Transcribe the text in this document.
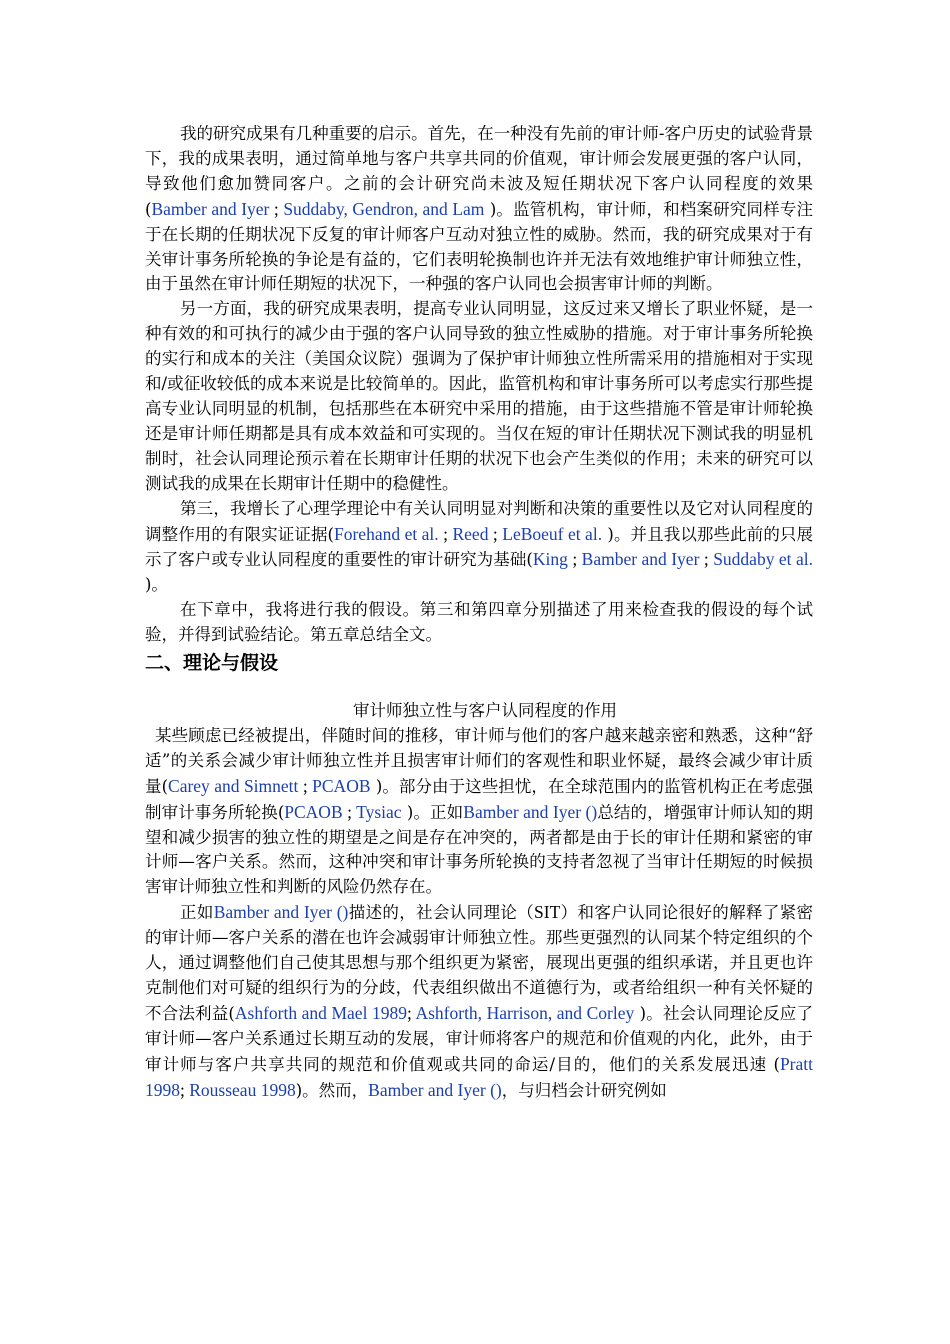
我的研究成果有几种重要的启示。首先，在一种没有先前的审计师-客户历史的试验背景下，我的成果表明，通过简单地与客户共享共同的价值观，审计师会发展更强的客户认同，导致他们愈加赞同客户。之前的会计研究尚未波及短任期状况下客户认同程度的效果(Bamber and Iyer ; Suddaby, Gendron, and Lam )。监管机构，审计师，和档案研究同样专注于在长期的任期状况下反复的审计师客户互动对独立性的威胁。然而，我的研究成果对于有关审计事务所轮换的争论是有益的，它们表明轮换制也许并无法有效地维护审计师独立性，由于虽然在审计师任期短的状况下，一种强的客户认同也会损害审计师的判断。

另一方面，我的研究成果表明，提高专业认同明显，这反过来又增长了职业怀疑，是一种有效的和可执行的减少由于强的客户认同导致的独立性威胁的措施。对于审计事务所轮换的实行和成本的关注（美国众议院）强调为了保护审计师独立性所需采用的措施相对于实现和/或征收较低的成本来说是比较简单的。因此，监管机构和审计事务所可以考虑实行那些提高专业认同明显的机制，包括那些在本研究中采用的措施，由于这些措施不管是审计师轮换还是审计师任期都是具有成本效益和可实现的。当仅在短的审计任期状况下测试我的明显机制时，社会认同理论预示着在长期审计任期的状况下也会产生类似的作用；未来的研究可以测试我的成果在长期审计任期中的稳健性。

第三，我增长了心理学理论中有关认同明显对判断和决策的重要性以及它对认同程度的调整作用的有限实证证据(Forehand et al. ; Reed ; LeBoeuf et al. )。并且我以那些此前的只展示了客户或专业认同程度的重要性的审计研究为基础(King ; Bamber and Iyer ; Suddaby et al. )。

在下章中，我将进行我的假设。第三和第四章分别描述了用来检查我的假设的每个试验，并得到试验结论。第五章总结全文。

二、理论与假设

审计师独立性与客户认同程度的作用

某些顾虑已经被提出，伴随时间的推移，审计师与他们的客户越来越亲密和熟悉，这种“舒适”的关系会减少审计师独立性并且损害审计师们的客观性和职业怀疑，最终会减少审计质量(Carey and Simnett ; PCAOB )。部分由于这些担忧，在全球范围内的监管机构正在考虑强制审计事务所轮换(PCAOB ; Tysiac )。正如Bamber and Iyer ()总结的，增强审计师认知的期望和减少损害的独立性的期望是之间是存在冲突的，两者都是由于长的审计任期和紧密的审计师—客户关系。然而，这种冲突和审计事务所轮换的支持者忽视了当审计任期短的时候损害审计师独立性和判断的风险仍然存在。

正如Bamber and Iyer ()描述的，社会认同理论（SIT）和客户认同论很好的解释了紧密的审计师—客户关系的潜在也许会减弱审计师独立性。那些更强烈的认同某个特定组织的个人，通过调整他们自己使其思想与那个组织更为紧密，展现出更强的组织承诺，并且更也许克制他们对可疑的组织行为的分歧，代表组织做出不道德行为，或者给组织一种有关怀疑的不合法利益(Ashforth and Mael 1989; Ashforth, Harrison, and Corley )。社会认同理论反应了审计师—客户关系通过长期互动的发展，审计师将客户的规范和价值观的内化，此外，由于审计师与客户共享共同的规范和价值观或共同的命运/目的，他们的关系发展迅速 (Pratt 1998; Rousseau 1998)。然而，Bamber and Iyer ()，与归档会计研究例如
